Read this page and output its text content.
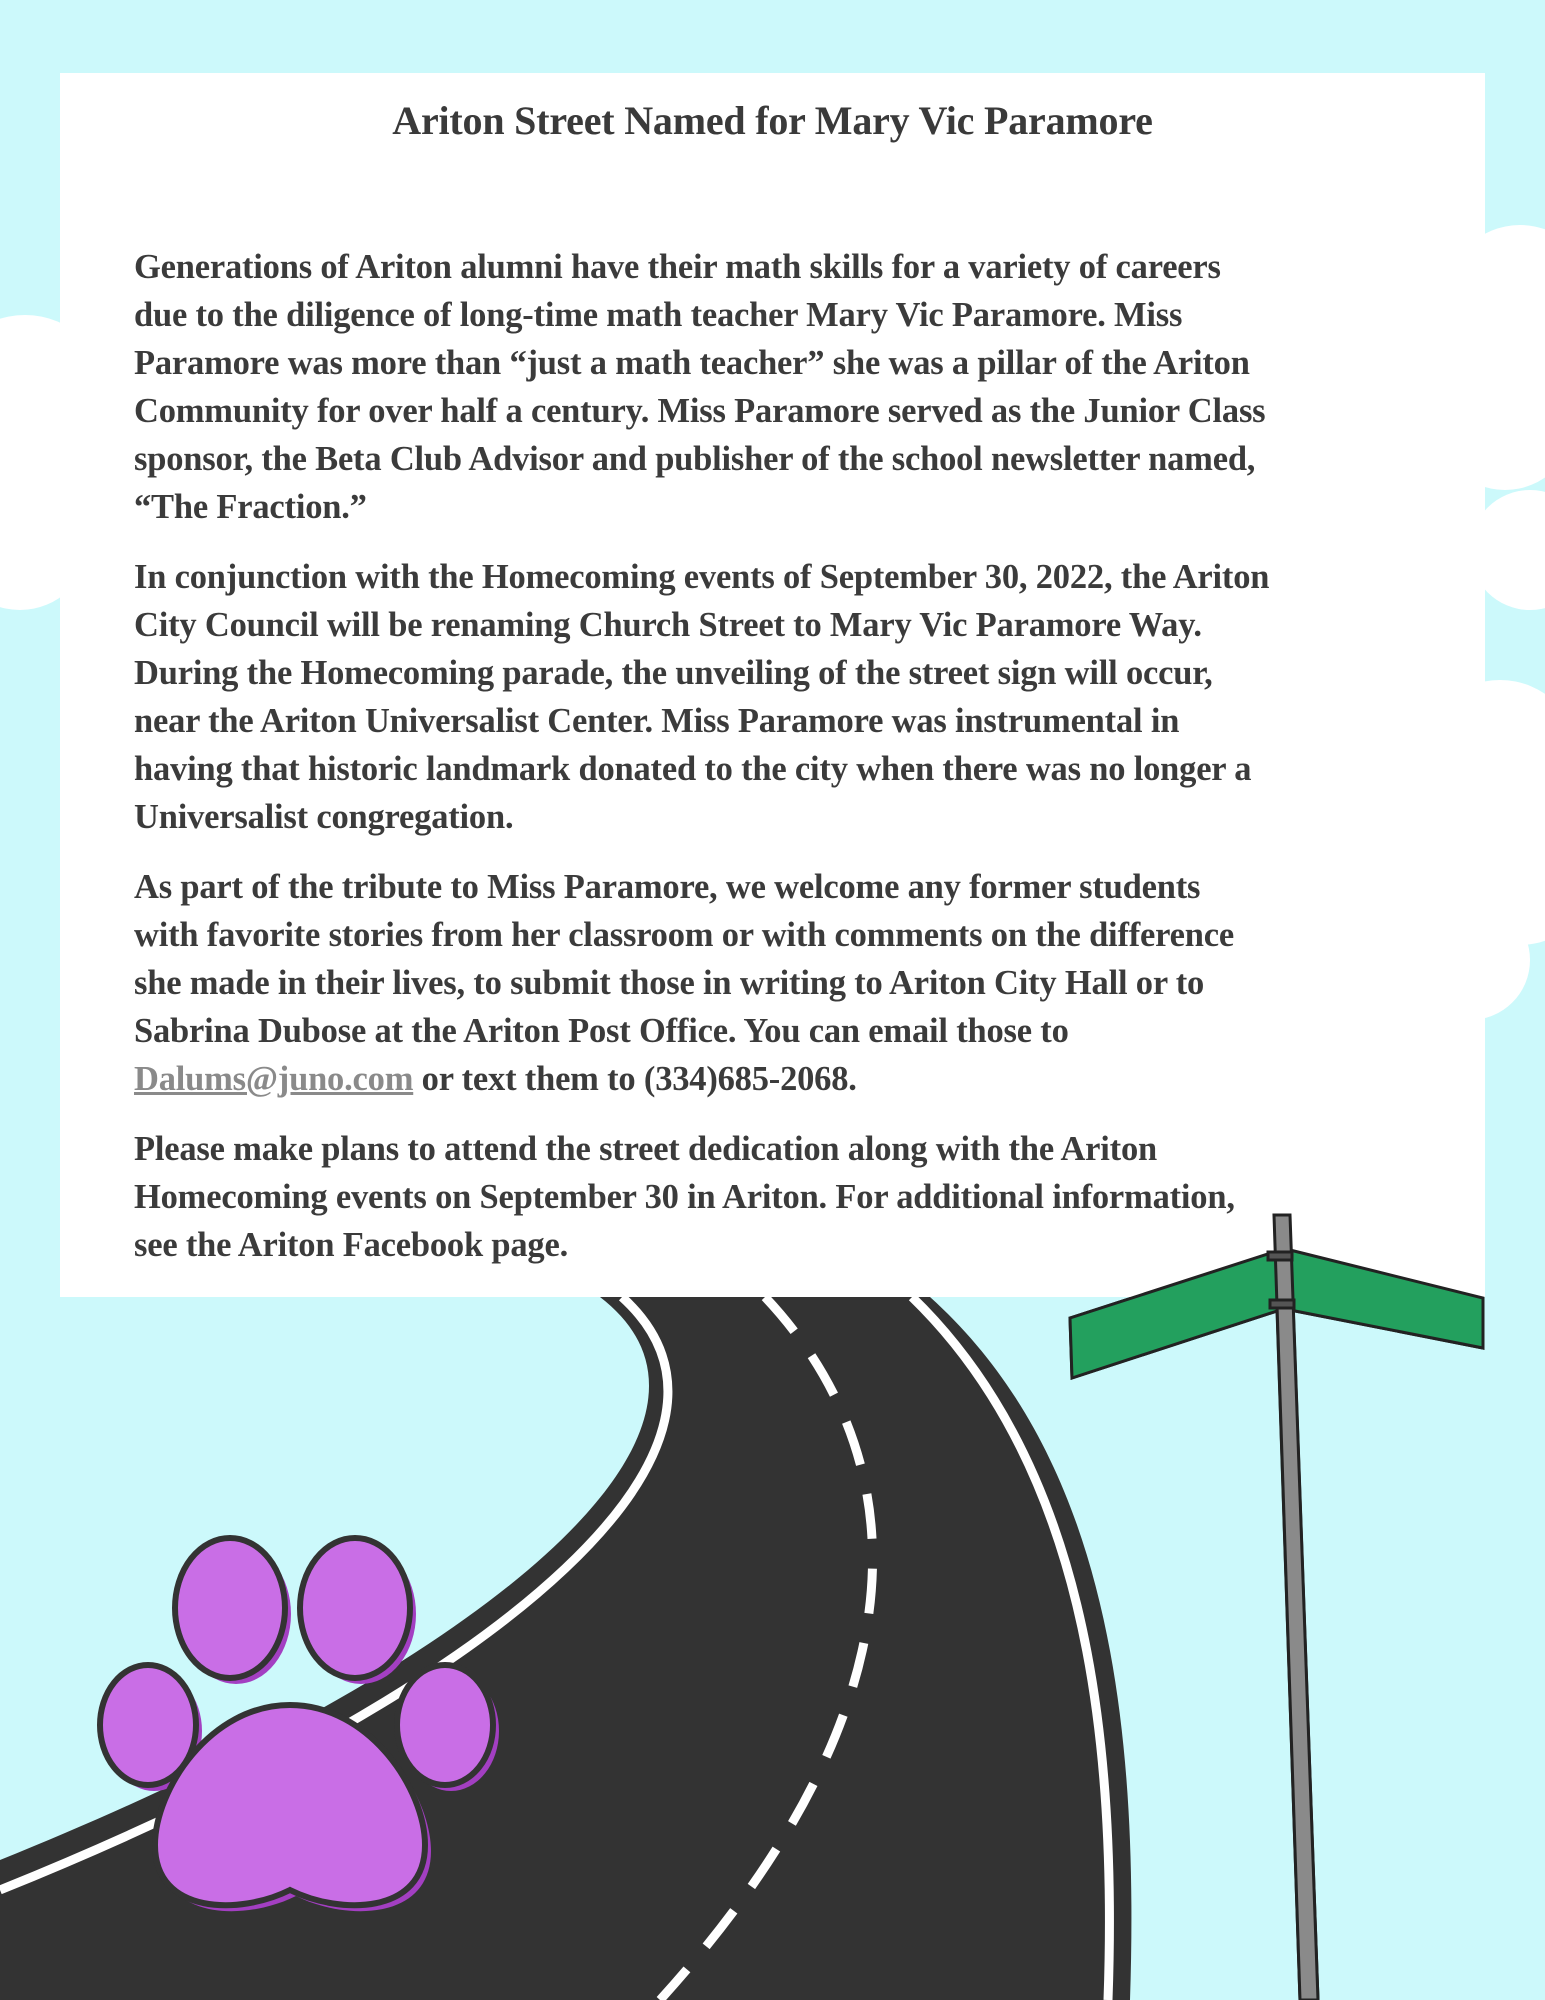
Ariton Street Named for Mary Vic Paramore

Generations of Ariton alumni have their math skills for a variety of careers
due to the diligence of long-time math teacher Mary Vic Paramore. Miss
Paramore was more than “just a math teacher” she was a pillar of the Ariton
Community for over half a century. Miss Paramore served as the Junior Class
sponsor, the Beta Club Advisor and publisher of the school newsletter named,
“The Fraction.”

In conjunction with the Homecoming events of September 30, 2022, the Ariton
City Council will be renaming Church Street to Mary Vic Paramore Way.
During the Homecoming parade, the unveiling of the street sign will occur,
near the Ariton Universalist Center. Miss Paramore was instrumental in
having that historic landmark donated to the city when there was no longer a
Universalist congregation.

As part of the tribute to Miss Paramore, we welcome any former students
with favorite stories from her classroom or with comments on the difference
she made in their lives, to submit those in writing to Ariton City Hall or to
Sabrina Dubose at the Ariton Post Office. You can email those to
Dalums@juno.com or text them to (334)685-2068.

Please make plans to attend the street dedication along with the Ariton
Homecoming events on September 30 in Ariton. For additional information,
see the Ariton Facebook page.
